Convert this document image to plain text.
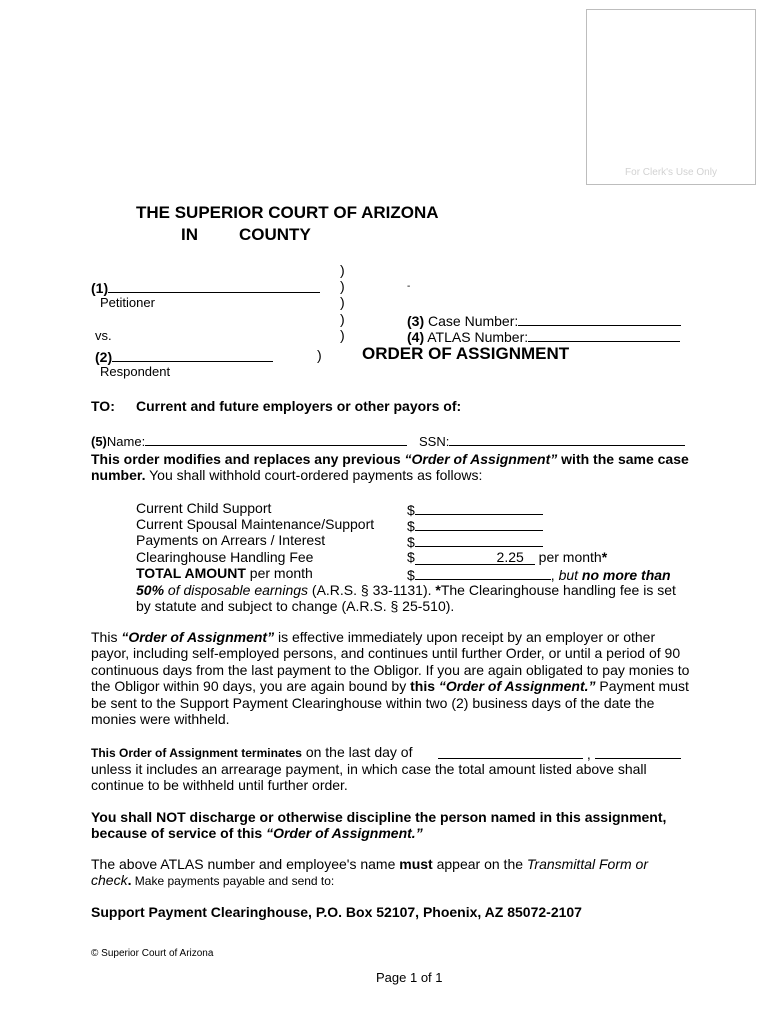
For Clerk's Use Only
THE SUPERIOR COURT OF ARIZONA
IN COUNTY
)
)
)
)
)
)
(1)
Petitioner
vs.
(2)
Respondent
-
(3) Case Number:
(4) ATLAS Number:
ORDER OF ASSIGNMENT
TO: Current and future employers or other payors of:
(5)Name:	SSN:
This order modifies and replaces any previous “Order of Assignment” with the same case
number. You shall withhold court-ordered payments as follows:
Current Child Support	$
Current Spousal Maintenance/Support $
Payments on Arrears / Interest	$
Clearinghouse Handling Fee	$	2.25 per month*
TOTAL AMOUNT per month	$	, but no more than
50% of disposable earnings (A.R.S. § 33-1131). *The Clearinghouse handling fee is set
by statute and subject to change (A.R.S. § 25-510).
This “Order of Assignment” is effective immediately upon receipt by an employer or other
payor, including self-employed persons, and continues until further Order, or until a period of 90
continuous days from the last payment to the Obligor. If you are again obligated to pay monies to
the Obligor within 90 days, you are again bound by this “Order of Assignment.” Payment must
be sent to the Support Payment Clearinghouse within two (2) business days of the date the
monies were withheld.
This Order of Assignment terminates on the last day of	,
unless it includes an arrearage payment, in which case the total amount listed above shall
continue to be withheld until further order.
You shall NOT discharge or otherwise discipline the person named in this assignment,
because of service of this “Order of Assignment.”
The above ATLAS number and employee's name must appear on the Transmittal Form or
check. Make payments payable and send to:
Support Payment Clearinghouse, P.O. Box 52107, Phoenix, AZ 85072-2107
© Superior Court of Arizona
Page 1 of 1
